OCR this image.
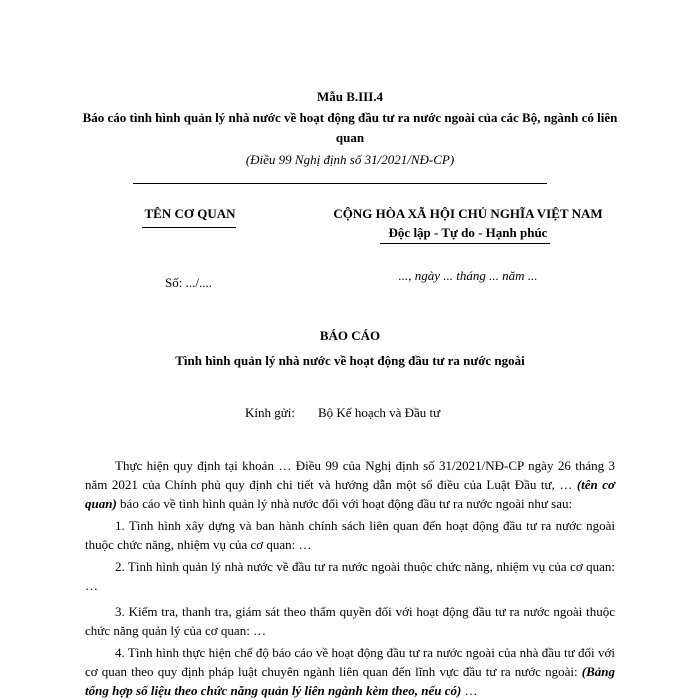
Mẫu B.III.4
Báo cáo tình hình quản lý nhà nước về hoạt động đầu tư ra nước ngoài của các Bộ, ngành có liên quan
(Điều 99 Nghị định số 31/2021/NĐ-CP)
TÊN CƠ QUAN	CỘNG HÒA XÃ HỘI CHỦ NGHĨA VIỆT NAM
Độc lập - Tự do - Hạnh phúc
Số: .../....	..., ngày ... tháng ... năm ...
BÁO CÁO
Tình hình quản lý nhà nước về hoạt động đầu tư ra nước ngoài
Kính gửi: Bộ Kế hoạch và Đầu tư
Thực hiện quy định tại khoản … Điều 99 của Nghị định số 31/2021/NĐ-CP ngày 26 tháng 3 năm 2021 của Chính phủ quy định chi tiết và hướng dẫn một số điều của Luật Đầu tư, … (tên cơ quan) báo cáo về tình hình quản lý nhà nước đối với hoạt động đầu tư ra nước ngoài như sau:
1. Tình hình xây dựng và ban hành chính sách liên quan đến hoạt động đầu tư ra nước ngoài thuộc chức năng, nhiệm vụ của cơ quan: …
2. Tình hình quản lý nhà nước về đầu tư ra nước ngoài thuộc chức năng, nhiệm vụ của cơ quan: …
3. Kiểm tra, thanh tra, giám sát theo thẩm quyền đối với hoạt động đầu tư ra nước ngoài thuộc chức năng quản lý của cơ quan: …
4. Tình hình thực hiện chế độ báo cáo về hoạt động đầu tư ra nước ngoài của nhà đầu tư đối với cơ quan theo quy định pháp luật chuyên ngành liên quan đến lĩnh vực đầu tư ra nước ngoài: (Bảng tổng hợp số liệu theo chức năng quản lý liên ngành kèm theo, nếu có) …
